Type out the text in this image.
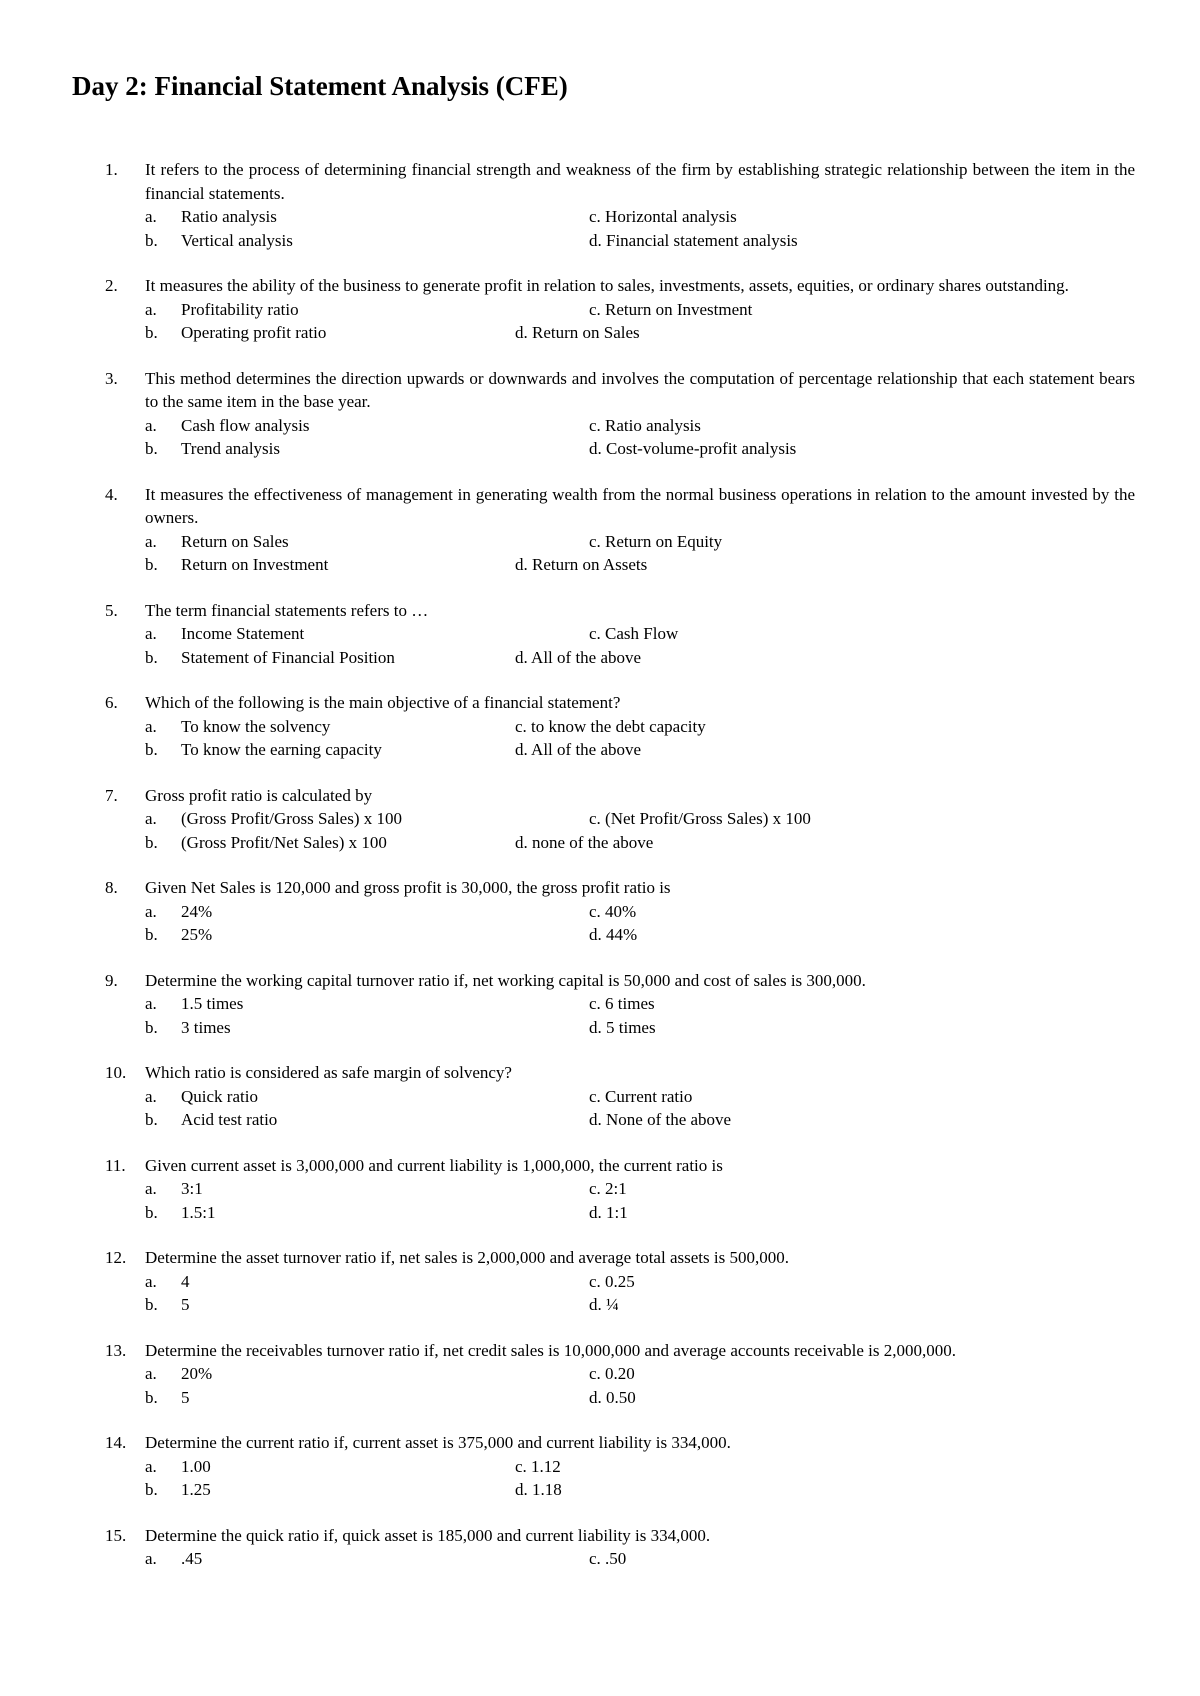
Day 2: Financial Statement Analysis (CFE)
1.	It refers to the process of determining financial strength and weakness of the firm by establishing strategic relationship between the item in the financial statements.
a.	Ratio analysis	c. Horizontal analysis
b.	Vertical analysis	d. Financial statement analysis
2.	It measures the ability of the business to generate profit in relation to sales, investments, assets, equities, or ordinary shares outstanding.
a.	Profitability ratio	c. Return on Investment
b.	Operating profit ratio	d. Return on Sales
3.	This method determines the direction upwards or downwards and involves the computation of percentage relationship that each statement bears to the same item in the base year.
a.	Cash flow analysis	c. Ratio analysis
b.	Trend analysis	d. Cost-volume-profit analysis
4.	It measures the effectiveness of management in generating wealth from the normal business operations in relation to the amount invested by the owners.
a.	Return on Sales	c. Return on Equity
b.	Return on Investment	d. Return on Assets
5.	The term financial statements refers to …
a.	Income Statement	c. Cash Flow
b.	Statement of Financial Position	d. All of the above
6.	Which of the following is the main objective of a financial statement?
a.	To know the solvency	c. to know the debt capacity
b.	To know the earning capacity	d. All of the above
7.	Gross profit ratio is calculated by
a.	(Gross Profit/Gross Sales) x 100	c. (Net Profit/Gross Sales) x 100
b.	(Gross Profit/Net Sales) x 100	d. none of the above
8.	Given Net Sales is 120,000 and gross profit is 30,000, the gross profit ratio is
a.	24%	c. 40%
b.	25%	d. 44%
9.	Determine the working capital turnover ratio if, net working capital is 50,000 and cost of sales is 300,000.
a.	1.5 times	c. 6 times
b.	3 times	d. 5 times
10.	Which ratio is considered as safe margin of solvency?
a.	Quick ratio	c. Current ratio
b.	Acid test ratio	d. None of the above
11.	Given current asset is 3,000,000 and current liability is 1,000,000, the current ratio is
a.	3:1	c. 2:1
b.	1.5:1	d. 1:1
12.	Determine the asset turnover ratio if, net sales is 2,000,000 and average total assets is 500,000.
a.	4	c. 0.25
b.	5	d. ¼
13.	Determine the receivables turnover ratio if, net credit sales is 10,000,000 and average accounts receivable is 2,000,000.
a.	20%	c. 0.20
b.	5	d. 0.50
14.	Determine the current ratio if, current asset is 375,000 and current liability is 334,000.
a.	1.00	c. 1.12
b.	1.25	d. 1.18
15.	Determine the quick ratio if, quick asset is 185,000 and current liability is 334,000.
a.	.45	c. .50
